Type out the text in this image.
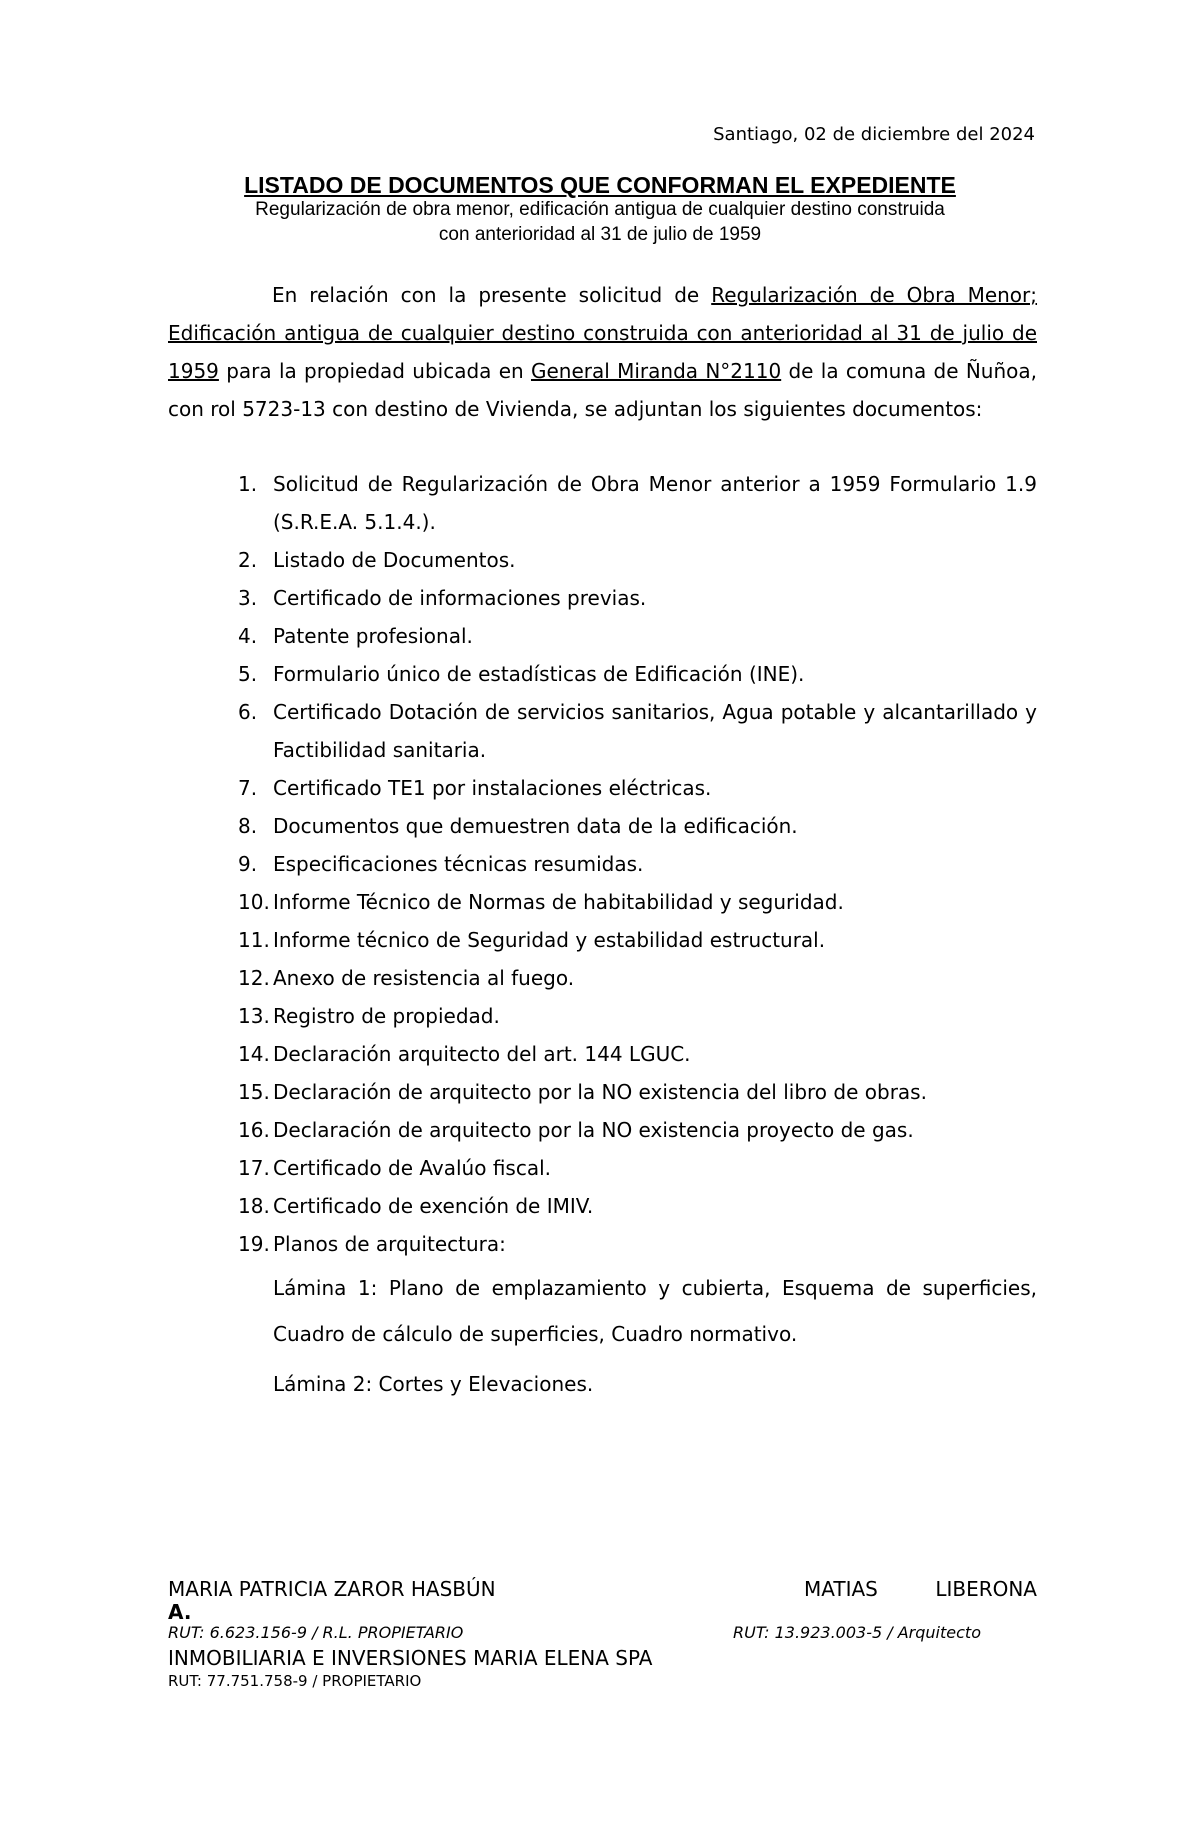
Santiago, 02 de diciembre del 2024
LISTADO DE DOCUMENTOS QUE CONFORMAN EL EXPEDIENTE
Regularización de obra menor, edificación antigua de cualquier destino construida
con anterioridad al 31 de julio de 1959

En relación con la presente solicitud de Regularización de Obra Menor; Edificación antigua de cualquier destino construida con anterioridad al 31 de julio de 1959 para la propiedad ubicada en General Miranda N°2110 de la comuna de Ñuñoa, con rol 5723-13 con destino de Vivienda, se adjuntan los siguientes documentos:

1. Solicitud de Regularización de Obra Menor anterior a 1959 Formulario 1.9 (S.R.E.A. 5.1.4.).
2. Listado de Documentos.
3. Certificado de informaciones previas.
4. Patente profesional.
5. Formulario único de estadísticas de Edificación (INE).
6. Certificado Dotación de servicios sanitarios, Agua potable y alcantarillado y Factibilidad sanitaria.
7. Certificado TE1 por instalaciones eléctricas.
8. Documentos que demuestren data de la edificación.
9. Especificaciones técnicas resumidas.
10. Informe Técnico de Normas de habitabilidad y seguridad.
11. Informe técnico de Seguridad y estabilidad estructural.
12. Anexo de resistencia al fuego.
13. Registro de propiedad.
14. Declaración arquitecto del art. 144 LGUC.
15. Declaración de arquitecto por la NO existencia del libro de obras.
16. Declaración de arquitecto por la NO existencia proyecto de gas.
17. Certificado de Avalúo fiscal.
18. Certificado de exención de IMIV.
19. Planos de arquitectura:
Lámina 1: Plano de emplazamiento y cubierta, Esquema de superficies, Cuadro de cálculo de superficies, Cuadro normativo.
Lámina 2: Cortes y Elevaciones.
MARIA PATRICIA ZAROR HASBÚN	MATIAS LIBERONA
A.
RUT: 6.623.156-9 / R.L. PROPIETARIO	RUT: 13.923.003-5 / Arquitecto
INMOBILIARIA E INVERSIONES MARIA ELENA SPA
RUT: 77.751.758-9 / PROPIETARIO
